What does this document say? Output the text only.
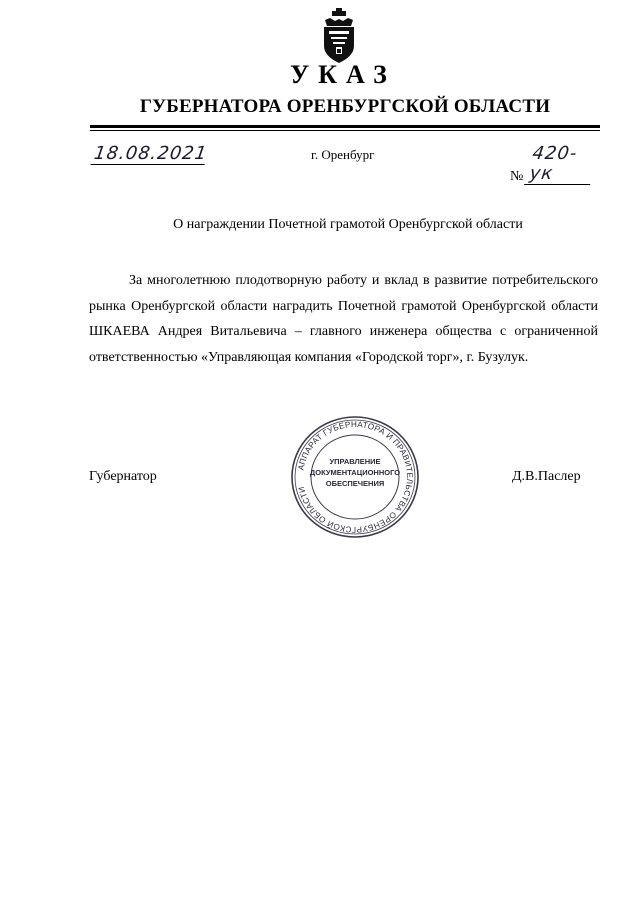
УКАЗ
ГУБЕРНАТОРА ОРЕНБУРГСКОЙ ОБЛАСТИ
18.08.2021	г. Оренбург
№ 420-ук
О награждении Почетной грамотой Оренбургской области
За многолетнюю плодотворную работу и вклад в развитие потребительского рынка Оренбургской области наградить Почетной грамотой Оренбургской области ШКАЕВА Андрея Витальевича – главного инженера общества с ограниченной ответственностью «Управляющая компания «Городской торг», г. Бузулук.
Губернатор	Д.В.Паслер
АППАРАТ ГУБЕРНАТОРА И ПРАВИТЕЛЬСТВА ОРЕНБУРГСКОЙ ОБЛАСТИ
УПРАВЛЕНИЕ
ДОКУМЕНТАЦИОННОГО
ОБЕСПЕЧЕНИЯ
